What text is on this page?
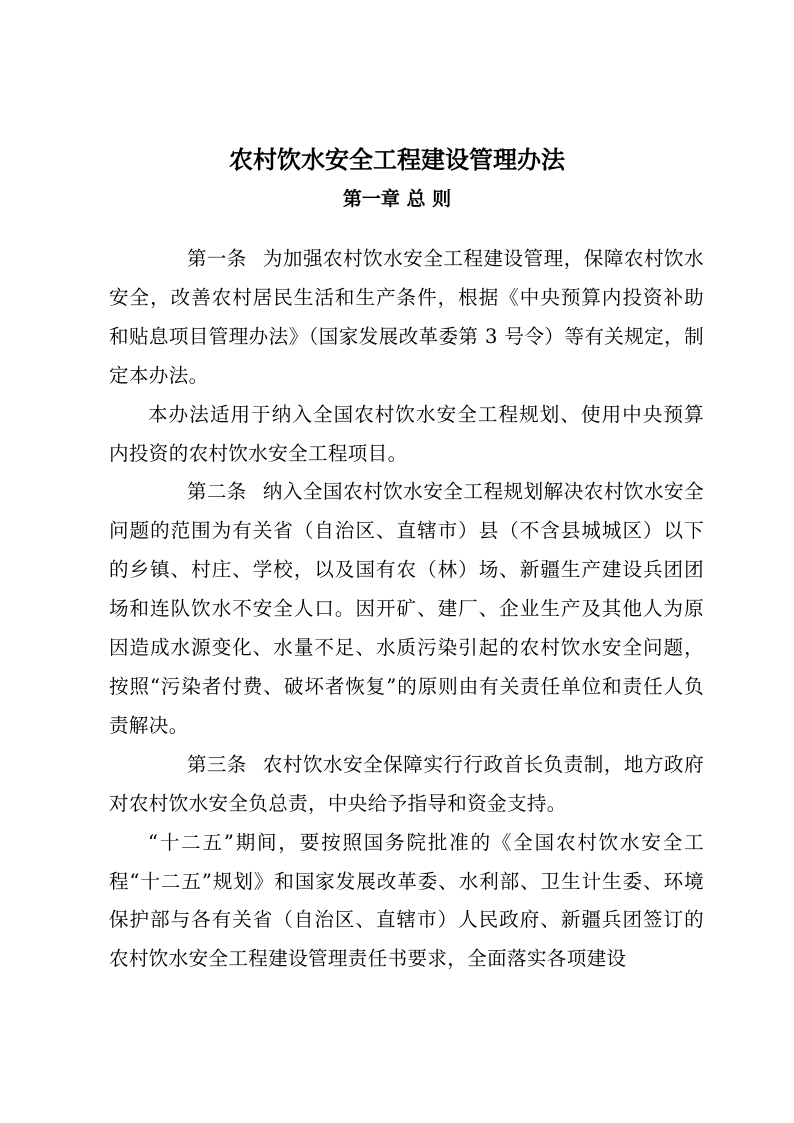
农村饮水安全工程建设管理办法
第一章 总 则

第一条 为加强农村饮水安全工程建设管理，保障农村饮水安全，改善农村居民生活和生产条件，根据《中央预算内投资补助和贴息项目管理办法》（国家发展改革委第 3 号令）等有关规定，制定本办法。

本办法适用于纳入全国农村饮水安全工程规划、使用中央预算内投资的农村饮水安全工程项目。

第二条 纳入全国农村饮水安全工程规划解决农村饮水安全问题的范围为有关省（自治区、直辖市）县（不含县城城区）以下的乡镇、村庄、学校，以及国有农（林）场、新疆生产建设兵团团场和连队饮水不安全人口。因开矿、建厂、企业生产及其他人为原因造成水源变化、水量不足、水质污染引起的农村饮水安全问题，按照“污染者付费、破坏者恢复”的原则由有关责任单位和责任人负责解决。

第三条 农村饮水安全保障实行行政首长负责制，地方政府对农村饮水安全负总责，中央给予指导和资金支持。

“十二五”期间，要按照国务院批准的《全国农村饮水安全工程“十二五”规划》和国家发展改革委、水利部、卫生计生委、环境保护部与各有关省（自治区、直辖市）人民政府、新疆兵团签订的农村饮水安全工程建设管理责任书要求，全面落实各项建设
